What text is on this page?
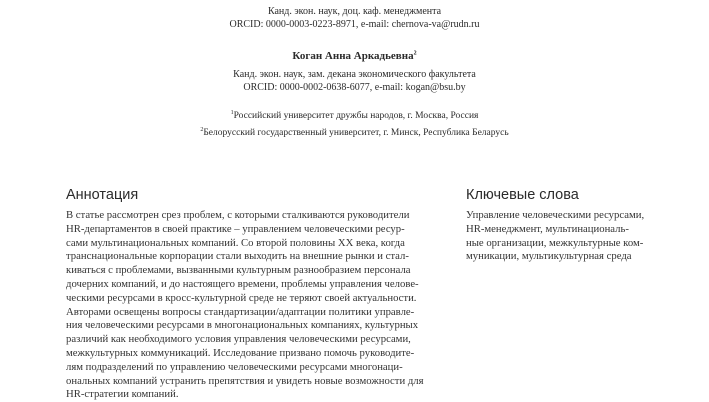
Канд. экон. наук, доц. каф. менеджмента
ORCID: 0000-0003-0223-8971, e-mail: chernova-va@rudn.ru
Коган Анна Аркадьевна$^2$
Канд. экон. наук, зам. декана экономического факультета
ORCID: 0000-0002-0638-6077, e-mail: kogan@bsu.by
$^1$Российский университет дружбы народов, г. Москва, Россия
$^2$Белорусский государственный университет, г. Минск, Республика Беларусь
Аннотация
В статье рассмотрен срез проблем, с которыми сталкиваются руководители
HR-департаментов в своей практике – управлением человеческими ресур-
сами мультинациональных компаний. Со второй половины XX века, когда
транснациональные корпорации стали выходить на внешние рынки и стал-
киваться с проблемами, вызванными культурным разнообразием персонала
дочерних компаний, и до настоящего времени, проблемы управления челове-
ческими ресурсами в кросс-культурной среде не теряют своей актуальности.
Авторами освещены вопросы стандартизации/адаптации политики управле-
ния человеческими ресурсами в многонациональных компаниях, культурных
различий как необходимого условия управления человеческими ресурсами,
межкультурных коммуникаций. Исследование призвано помочь руководите-
лям подразделений по управлению человеческими ресурсами многонаци-
ональных компаний устранить препятствия и увидеть новые возможности для
HR-стратегии компаний.
Ключевые слова
Управление человеческими ресурсами,
HR-менеджмент, мультинациональ-
ные организации, межкультурные ком-
муникации, мультикультурная среда
